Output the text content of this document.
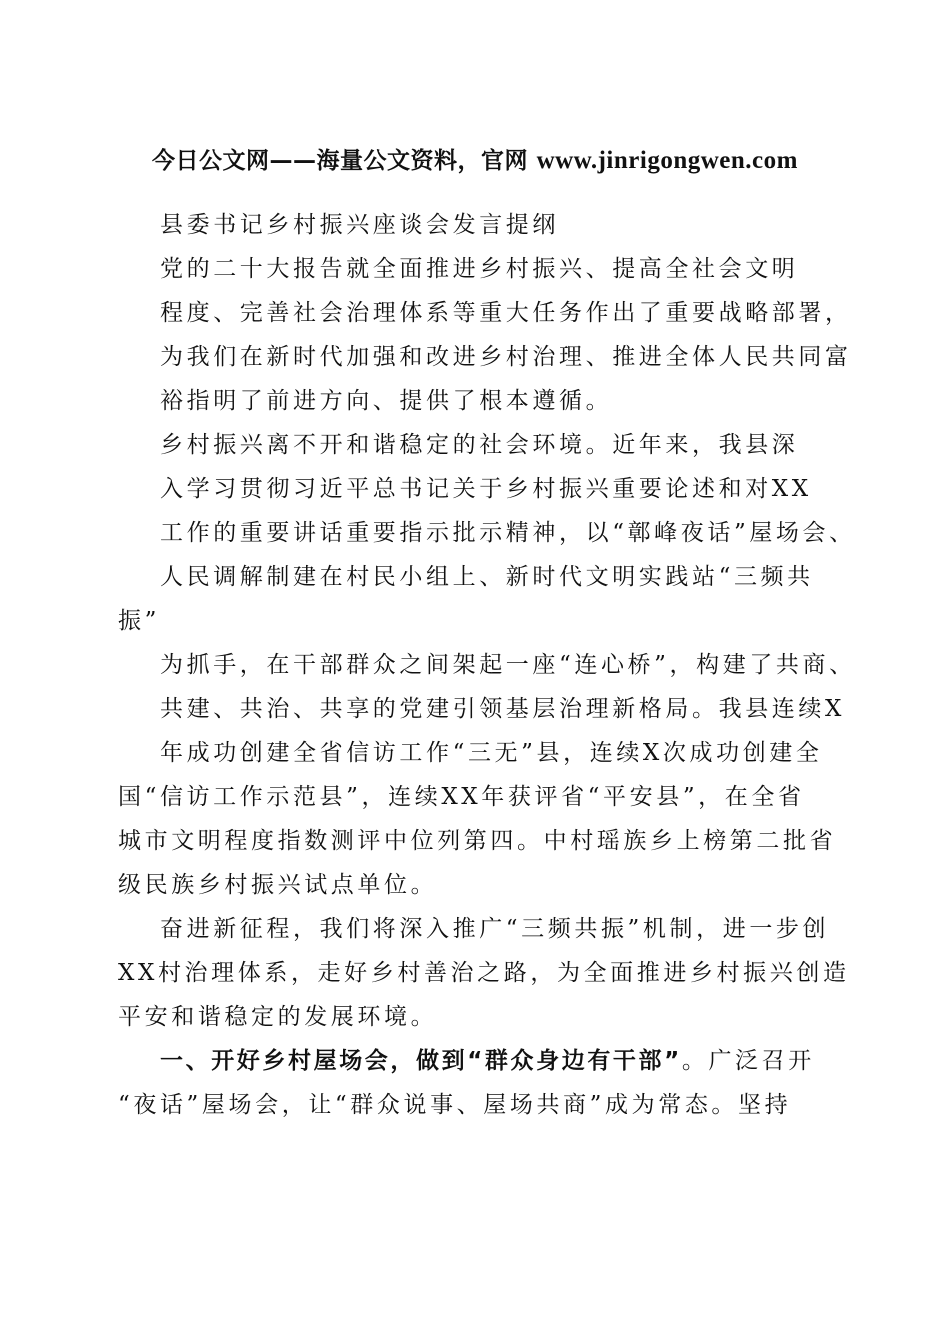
今日公文网——海量公文资料，官网 www.jinrigongwen.com
县委书记乡村振兴座谈会发言提纲
党的二十大报告就全面推进乡村振兴、提高全社会文明
程度、完善社会治理体系等重大任务作出了重要战略部署，
为我们在新时代加强和改进乡村治理、推进全体人民共同富
裕指明了前进方向、提供了根本遵循。
乡村振兴离不开和谐稳定的社会环境。近年来，我县深
入学习贯彻习近平总书记关于乡村振兴重要论述和对XX
工作的重要讲话重要指示批示精神，以“鄣峰夜话”屋场会、
人民调解制建在村民小组上、新时代文明实践站“三频共
振”
为抓手，在干部群众之间架起一座“连心桥”，构建了共商、
共建、共治、共享的党建引领基层治理新格局。我县连续X
年成功创建全省信访工作“三无”县，连续X次成功创建全
国“信访工作示范县”，连续XX年获评省“平安县”，在全省
城市文明程度指数测评中位列第四。中村瑶族乡上榜第二批省
级民族乡村振兴试点单位。
奋进新征程，我们将深入推广“三频共振”机制，进一步创
XX村治理体系，走好乡村善治之路，为全面推进乡村振兴创造
平安和谐稳定的发展环境。
一、开好乡村屋场会，做到“群众身边有干部”。广泛召开
“夜话”屋场会，让“群众说事、屋场共商”成为常态。坚持
